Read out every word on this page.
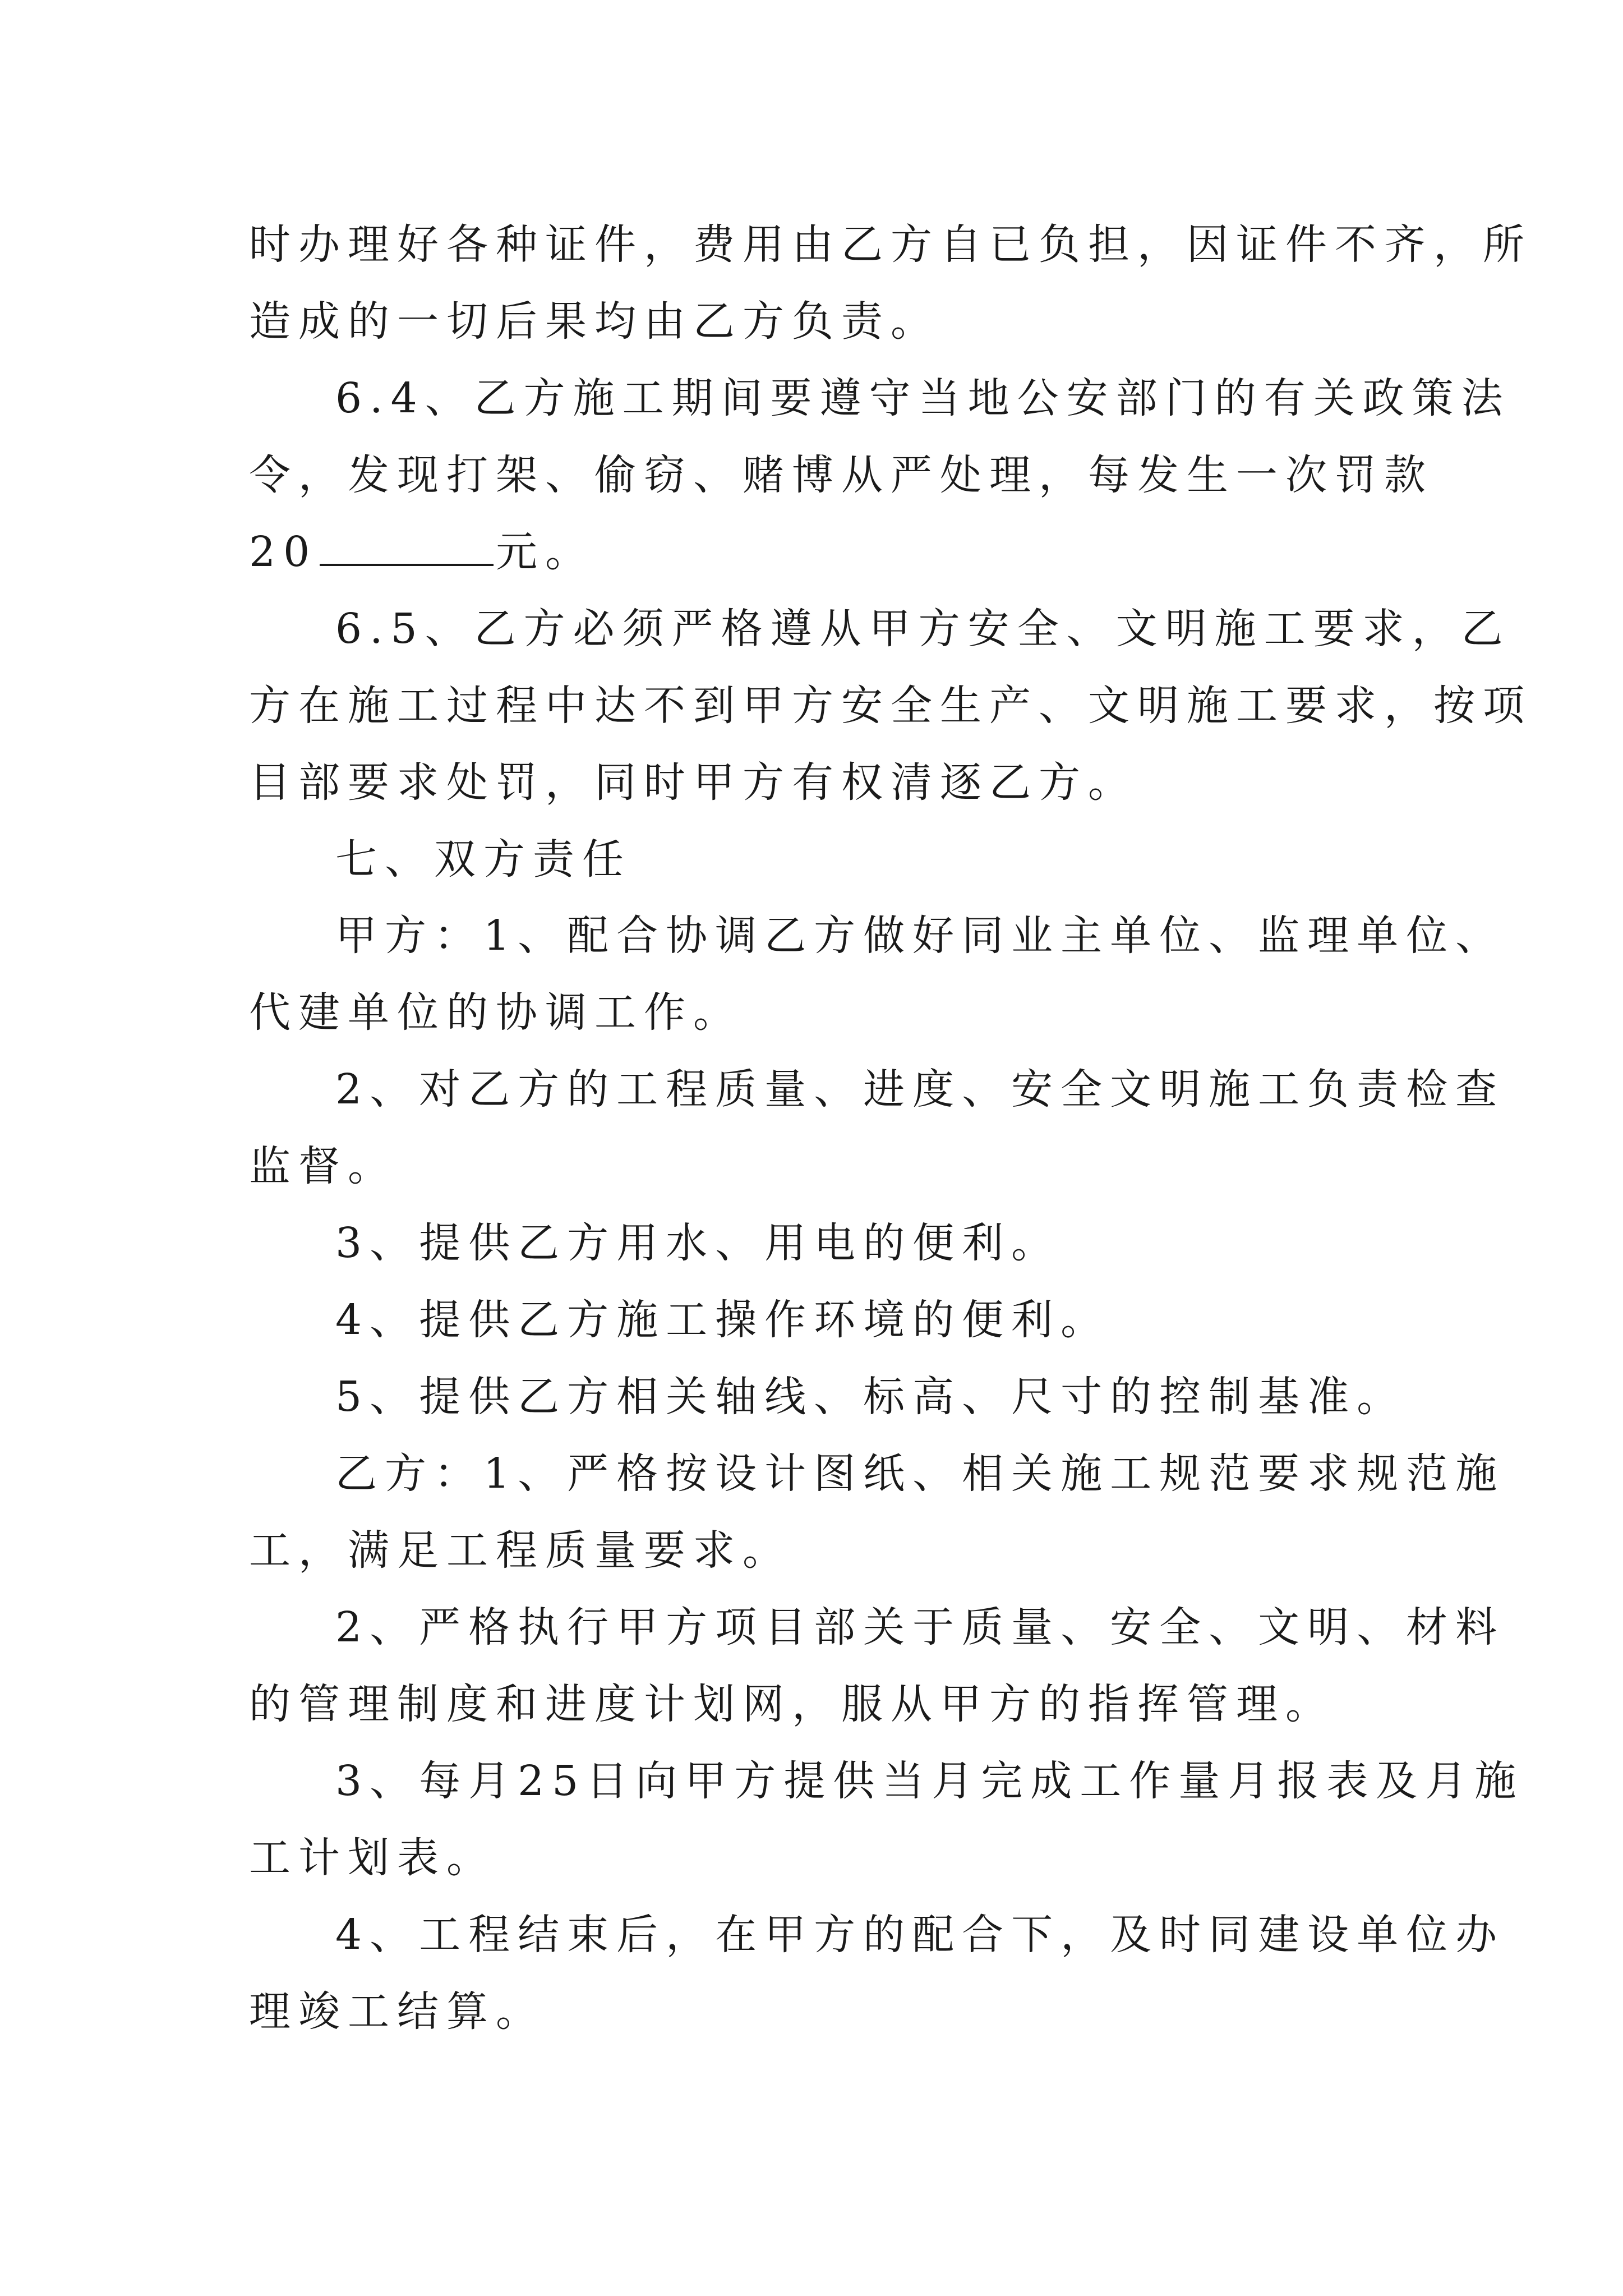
时办理好各种证件，费用由乙方自已负担，因证件不齐，所
造成的一切后果均由乙方负责。
6.4、乙方施工期间要遵守当地公安部门的有关政策法
令，发现打架、偷窃、赌博从严处理，每发生一次罚款
20	元。
6.5、乙方必须严格遵从甲方安全、文明施工要求，乙
方在施工过程中达不到甲方安全生产、文明施工要求，按项
目部要求处罚，同时甲方有权清逐乙方。
七、双方责任
甲方：1、配合协调乙方做好同业主单位、监理单位、
代建单位的协调工作。
2、对乙方的工程质量、进度、安全文明施工负责检查
监督。
3、提供乙方用水、用电的便利。
4、提供乙方施工操作环境的便利。
5、提供乙方相关轴线、标高、尺寸的控制基准。
乙方：1、严格按设计图纸、相关施工规范要求规范施
工，满足工程质量要求。
2、严格执行甲方项目部关于质量、安全、文明、材料
的管理制度和进度计划网，服从甲方的指挥管理。
3、每月25日向甲方提供当月完成工作量月报表及月施
工计划表。
4、工程结束后，在甲方的配合下，及时同建设单位办
理竣工结算。
